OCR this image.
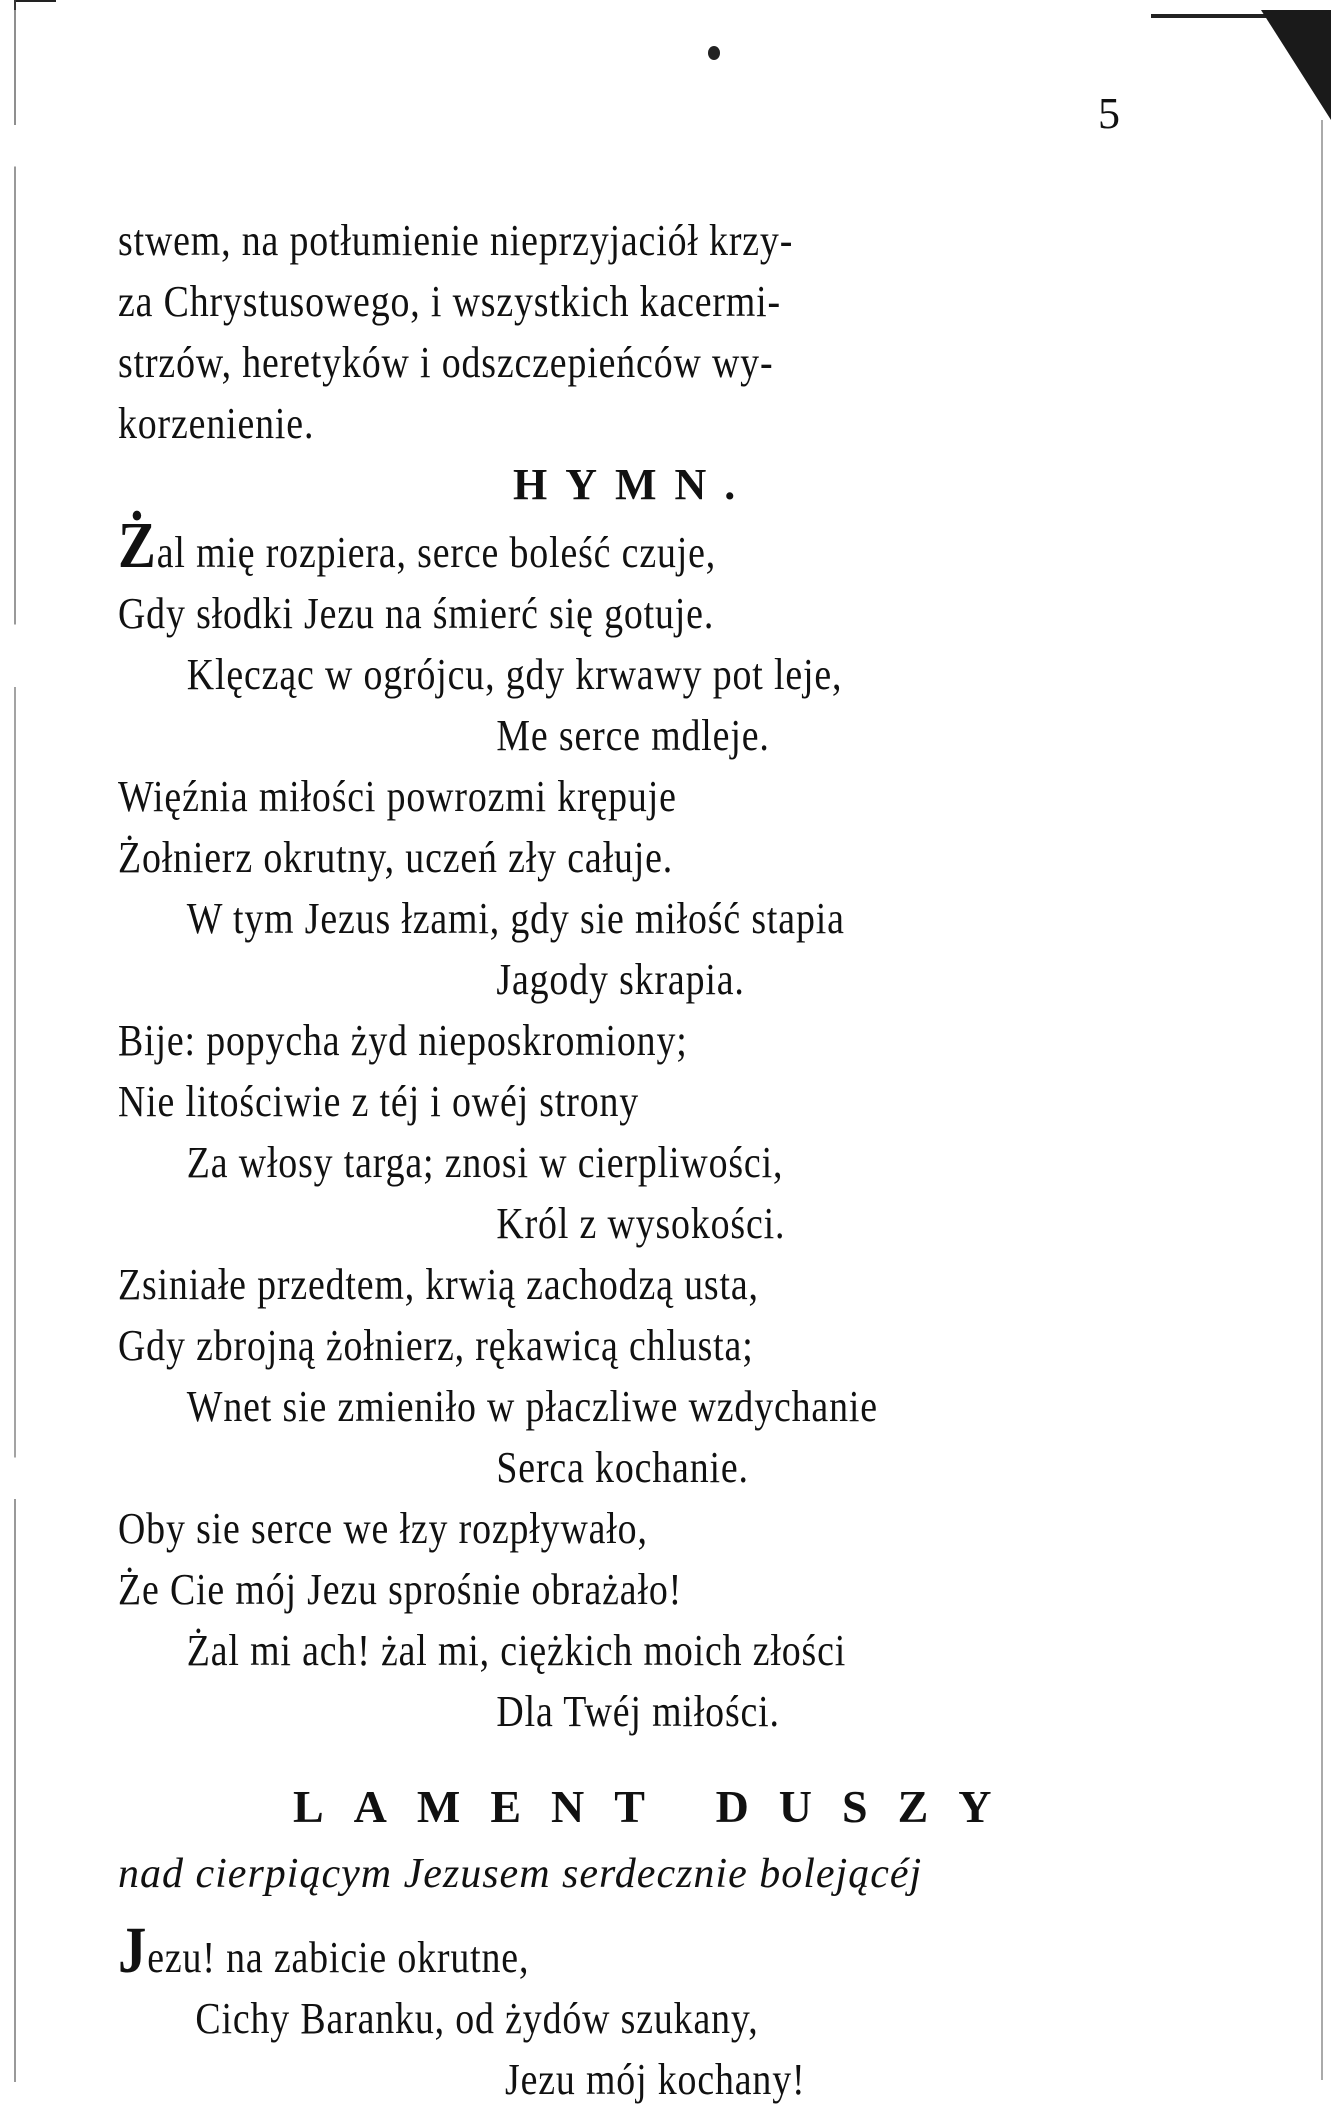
5
stwem, na potłumienie nieprzyjaciół krzy-
za Chrystusowego, i wszystkich kacermi-
strzów, heretyków i odszczepieńców wy-
korzenienie.
HYMN.
Żal mię rozpiera, serce boleść czuje,
Gdy słodki Jezu na śmierć się gotuje.
Klęcząc w ogrójcu, gdy krwawy pot leje,
Me serce mdleje.
Więźnia miłości powrozmi krępuje
Żołnierz okrutny, uczeń zły całuje.
W tym Jezus łzami, gdy sie miłość stapia
Jagody skrapia.
Bije: popycha żyd nieposkromiony;
Nie litościwie z téj i owéj strony
Za włosy targa; znosi w cierpliwości,
Król z wysokości.
Zsiniałe przedtem, krwią zachodzą usta,
Gdy zbrojną żołnierz, rękawicą chlusta;
Wnet sie zmieniło w płaczliwe wzdychanie
Serca kochanie.
Oby sie serce we łzy rozpływało,
Że Cie mój Jezu sprośnie obrażało!
Żal mi ach! żal mi, ciężkich moich złości
Dla Twéj miłości.
LAMENT DUSZY
nad cierpiącym Jezusem serdecznie bolejącéj
Jezu! na zabicie okrutne,
Cichy Baranku, od żydów szukany,
Jezu mój kochany!
